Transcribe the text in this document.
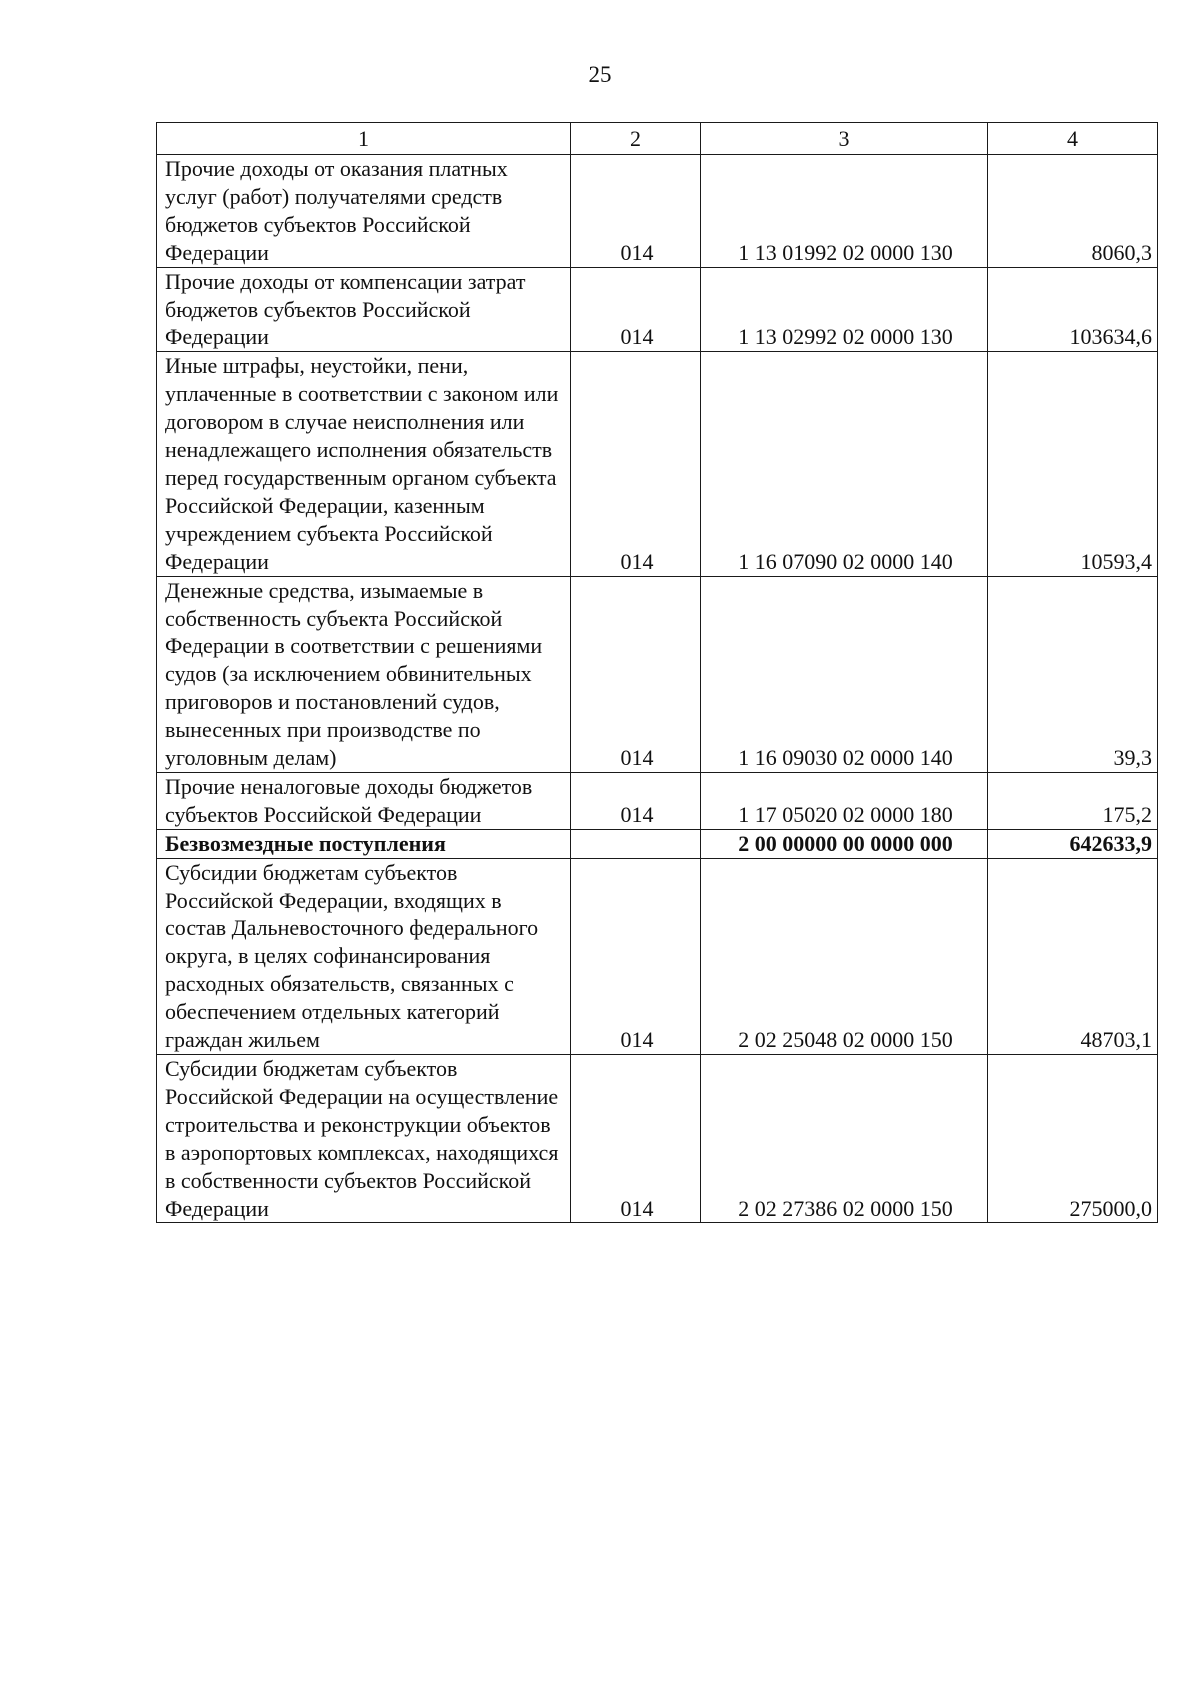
25
1	2	3	4
Прочие доходы от оказания платных услуг (работ) получателями средств бюджетов субъектов Российской Федерации	014	1 13 01992 02 0000 130	8060,3
Прочие доходы от компенсации затрат бюджетов субъектов Российской Федерации	014	1 13 02992 02 0000 130	103634,6
Иные штрафы, неустойки, пени, уплаченные в соответствии с законом или договором в случае неисполнения или ненадлежащего исполнения обязательств перед государственным органом субъекта Российской Федерации, казенным учреждением субъекта Российской Федерации	014	1 16 07090 02 0000 140	10593,4
Денежные средства, изымаемые в собственность субъекта Российской Федерации в соответствии с решениями судов (за исключением обвинительных приговоров и постановлений судов, вынесенных при производстве по уголовным делам)	014	1 16 09030 02 0000 140	39,3
Прочие неналоговые доходы бюджетов субъектов Российской Федерации	014	1 17 05020 02 0000 180	175,2
Безвозмездные поступления		2 00 00000 00 0000 000	642633,9
Субсидии бюджетам субъектов Российской Федерации, входящих в состав Дальневосточного федерального округа, в целях софинансирования расходных обязательств, связанных с обеспечением отдельных категорий граждан жильем	014	2 02 25048 02 0000 150	48703,1
Субсидии бюджетам субъектов Российской Федерации на осуществление строительства и реконструкции объектов в аэропортовых комплексах, находящихся в собственности субъектов Российской Федерации	014	2 02 27386 02 0000 150	275000,0
